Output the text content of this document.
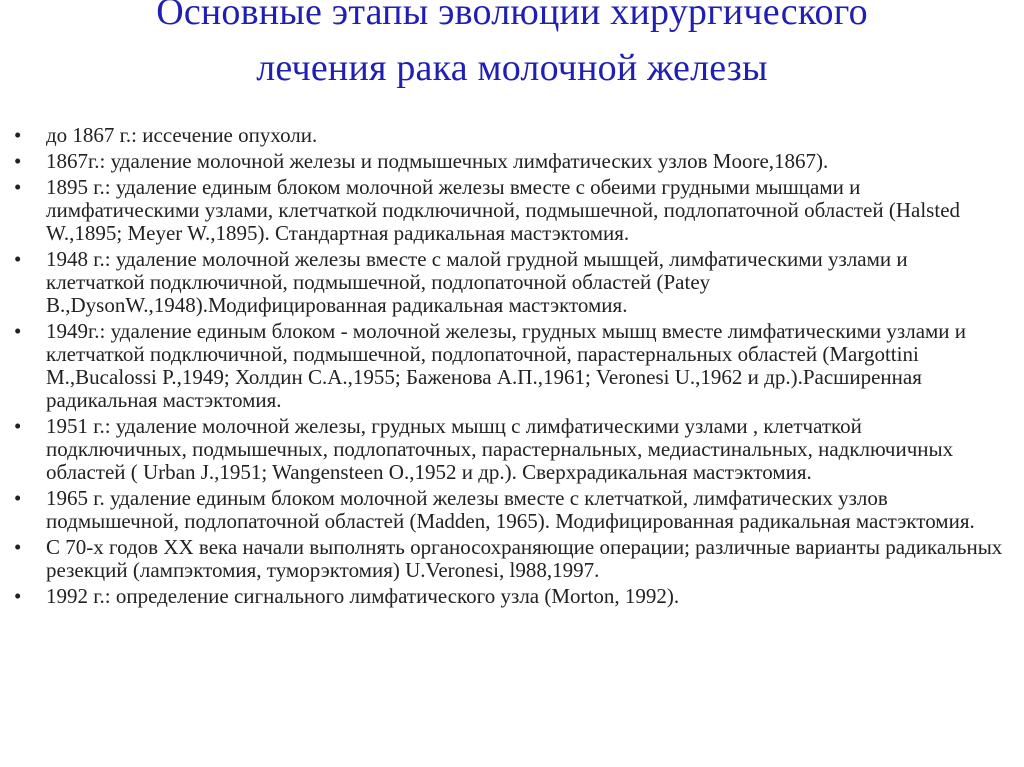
Основные этапы эволюции хирургического
лечения рака молочной железы
•	до 1867 г.: иссечение опухоли.
•	1867г.: удаление молочной железы и подмышечных лимфатических узлов Moore,1867).
•	1895 г.: удаление единым блоком молочной железы вместе с обеими грудными мышцами и лимфатическими узлами, клетчаткой подключичной, подмышечной, подлопаточной областей (Halsted W.,1895; Meyer W.,1895). Стандартная радикальная мастэктомия.
•	1948 г.: удаление молочной железы вместе с малой грудной мышцей, лимфатическими узлами и клетчаткой подключичной, подмышечной, подлопаточной областей (Patey B.,DysonW.,1948).Модифицированная радикальная мастэктомия.
•	1949г.: удаление единым блоком - молочной железы, грудных мышц вместе лимфатическими узлами и клетчаткой подключичной, подмышечной, подлопаточной, парастернальных областей (Margottini M.,Bucalossi P.,1949; Холдин С.А.,1955; Баженова А.П.,1961; Veronesi U.,1962 и др.).Расширенная радикальная мастэктомия.
•	1951 г.: удаление молочной железы, грудных мышц с лимфатическими узлами , клетчаткой подключичных, подмышечных, подлопаточных, парастернальных, медиастинальных, надключичных областей ( Urban J.,1951; Wangensteen O.,1952 и др.). Сверхрадикальная мастэктомия.
•	1965 г. удаление единым блоком молочной железы вместе с клетчаткой, лимфатических узлов подмышечной, подлопаточной областей (Madden, 1965). Модифицированная радикальная мастэктомия.
•	С 70-х годов ХХ века начали выполнять органосохраняющие операции; различные варианты радикальных резекций (лампэктомия, туморэктомия) U.Veronesi, l988,1997.
•	1992 г.: определение сигнального лимфатического узла (Morton, 1992).
